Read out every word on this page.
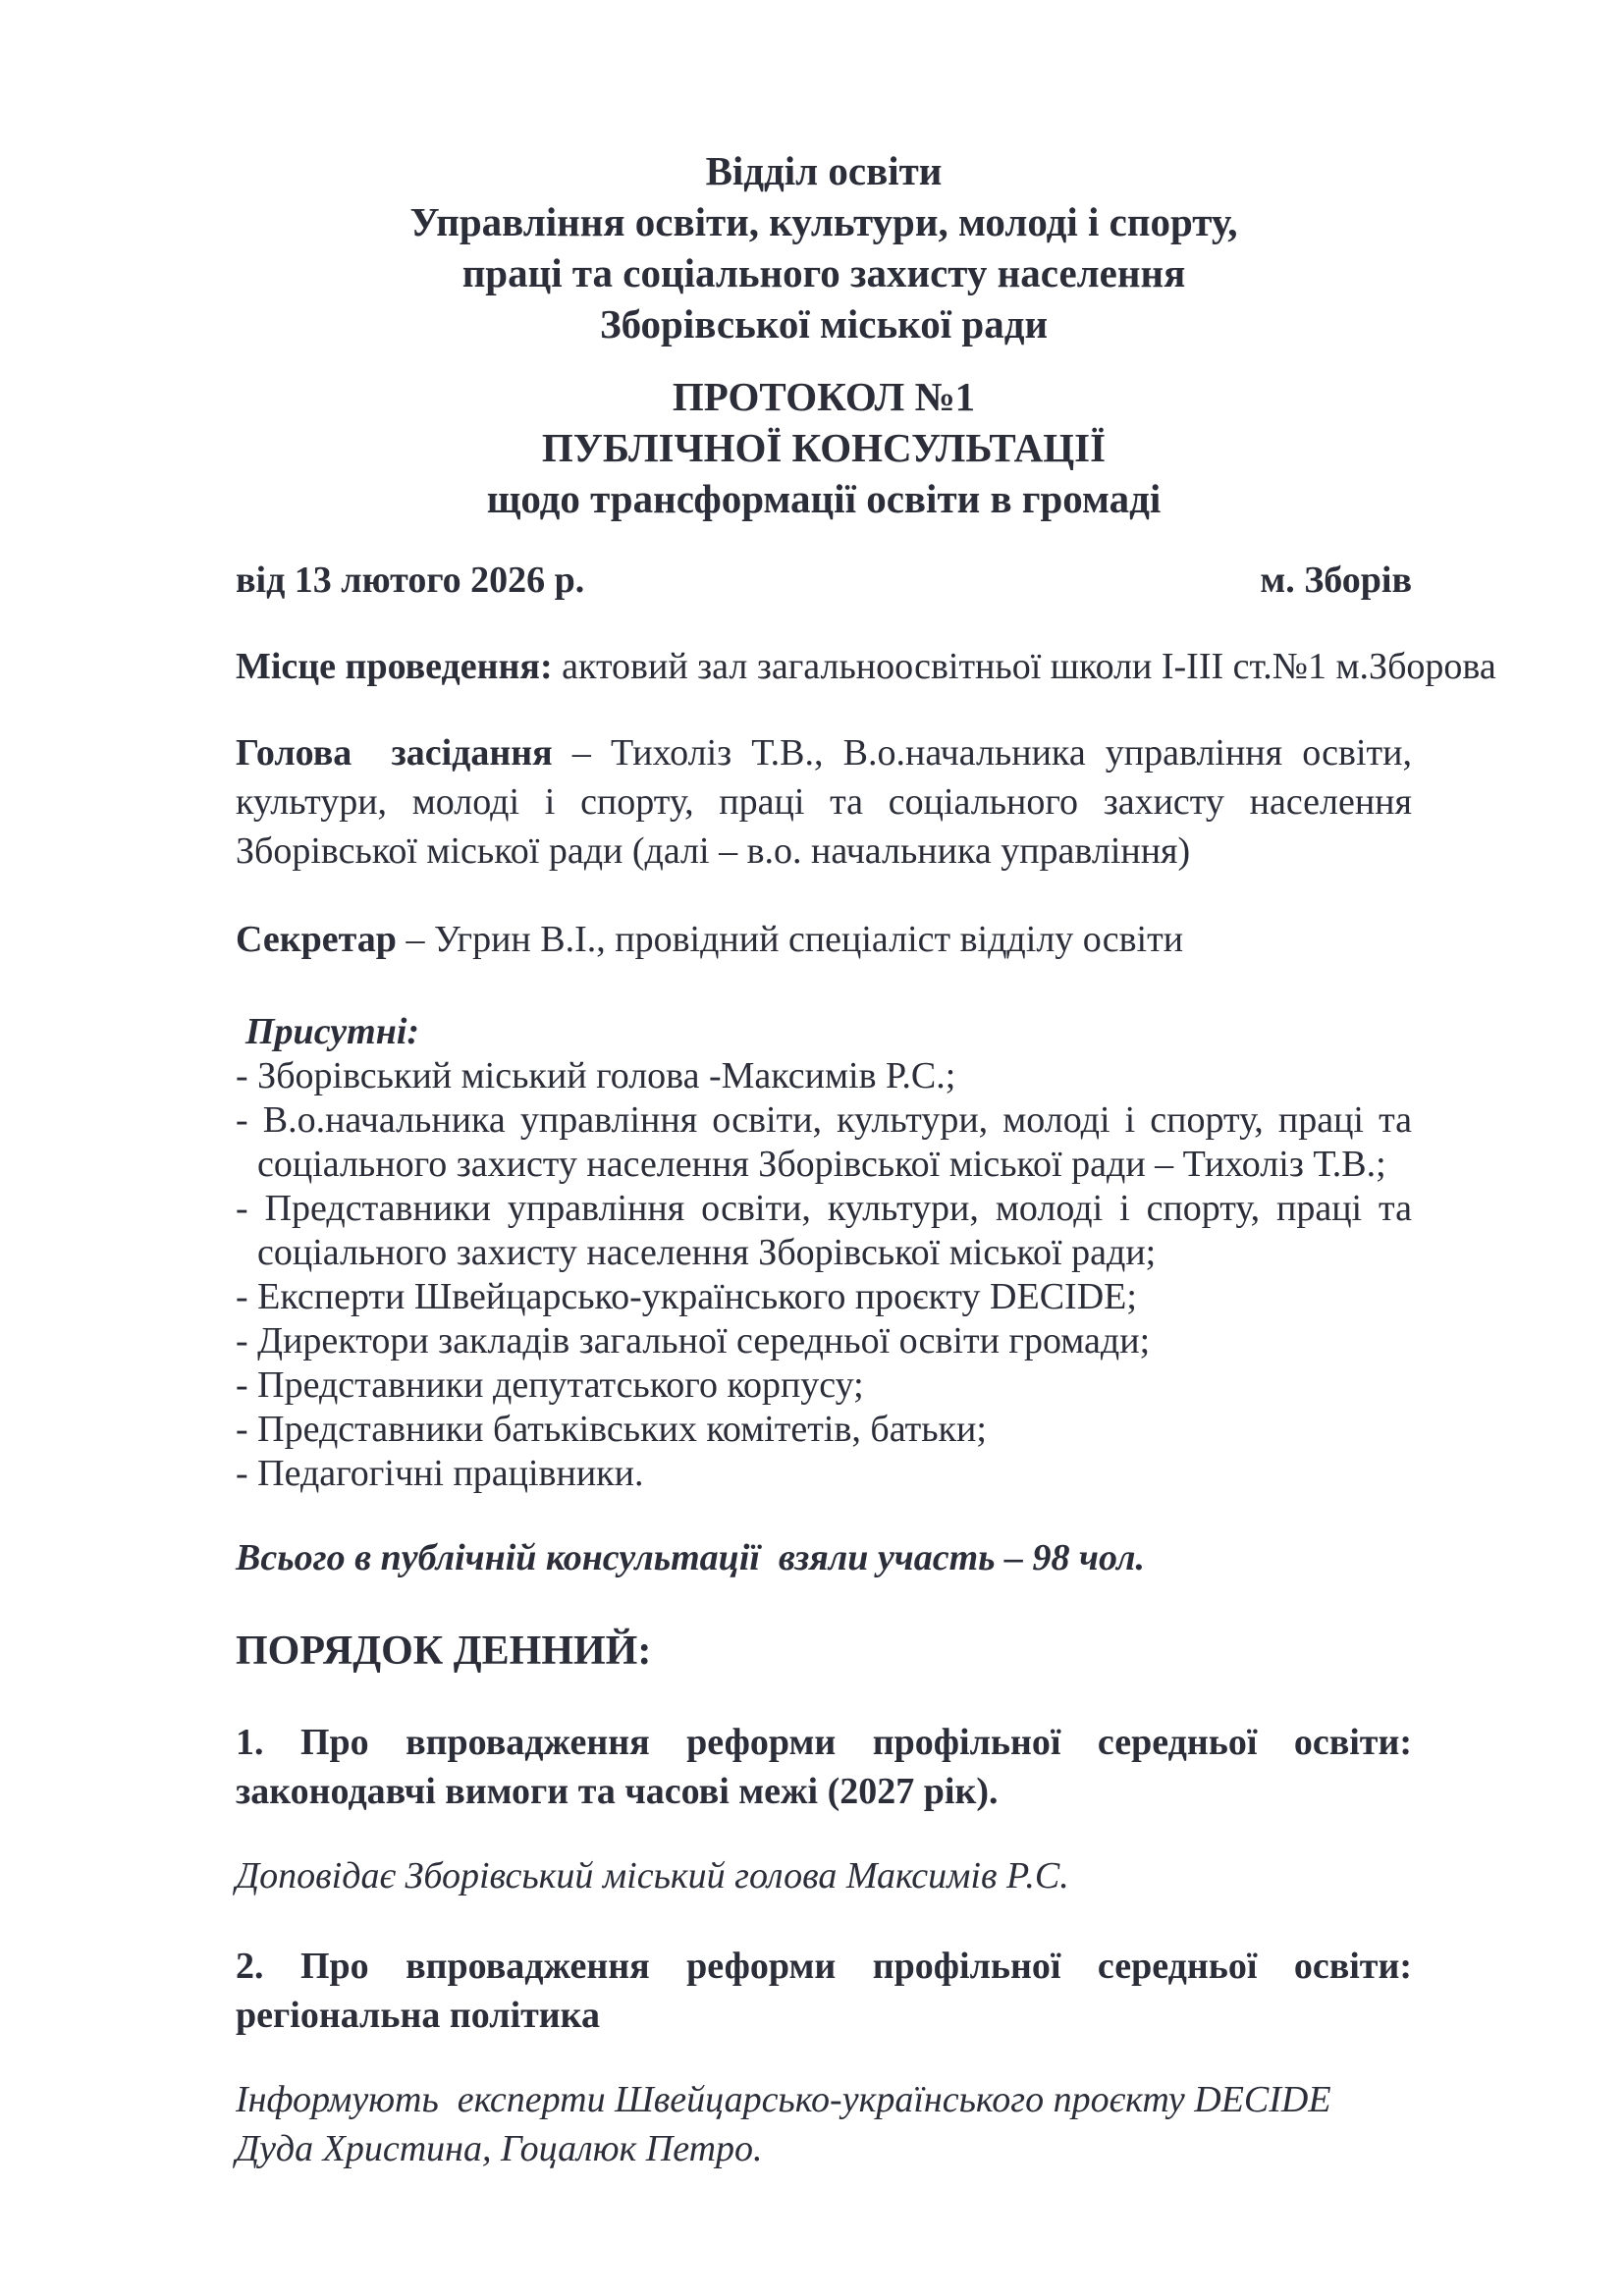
Відділ освіти
Управління освіти, культури, молоді і спорту,
праці та соціального захисту населення
Зборівської міської ради
ПРОТОКОЛ №1
ПУБЛІЧНОЇ КОНСУЛЬТАЦІЇ
щодо трансформації освіти в громаді
від 13 лютого 2026 р.	м. Зборів

Місце проведення: актовий зал загальноосвітньої школи І-ІІІ ст.№1 м.Зборова

Голова  засідання – Тихоліз Т.В., В.о.начальника управління освіти, культури, молоді і спорту, праці та соціального захисту населення Зборівської міської ради (далі – в.о. начальника управління)

Секретар – Угрин В.І., провідний спеціаліст відділу освіти

Присутні:

- Зборівський міський голова -Максимів Р.С.;

- В.о.начальника управління освіти, культури, молоді і спорту, праці та соціального захисту населення Зборівської міської ради – Тихоліз Т.В.;

- Представники управління освіти, культури, молоді і спорту, праці та соціального захисту населення Зборівської міської ради;

- Експерти Швейцарсько-українського проєкту DECIDE;

- Директори закладів загальної середньої освіти громади;

- Представники депутатського корпусу;

- Представники батьківських комітетів, батьки;

- Педагогічні працівники.

Всього в публічній консультації  взяли участь – 98 чол.

ПОРЯДОК ДЕННИЙ:

1. Про впровадження реформи профільної середньої освіти: законодавчі вимоги та часові межі (2027 рік).

Доповідає Зборівський міський голова Максимів Р.С.

2. Про впровадження реформи профільної середньої освіти: регіональна політика

Інформують  експерти Швейцарсько-українського проєкту DECIDE Дуда Христина, Гоцалюк Петро.
